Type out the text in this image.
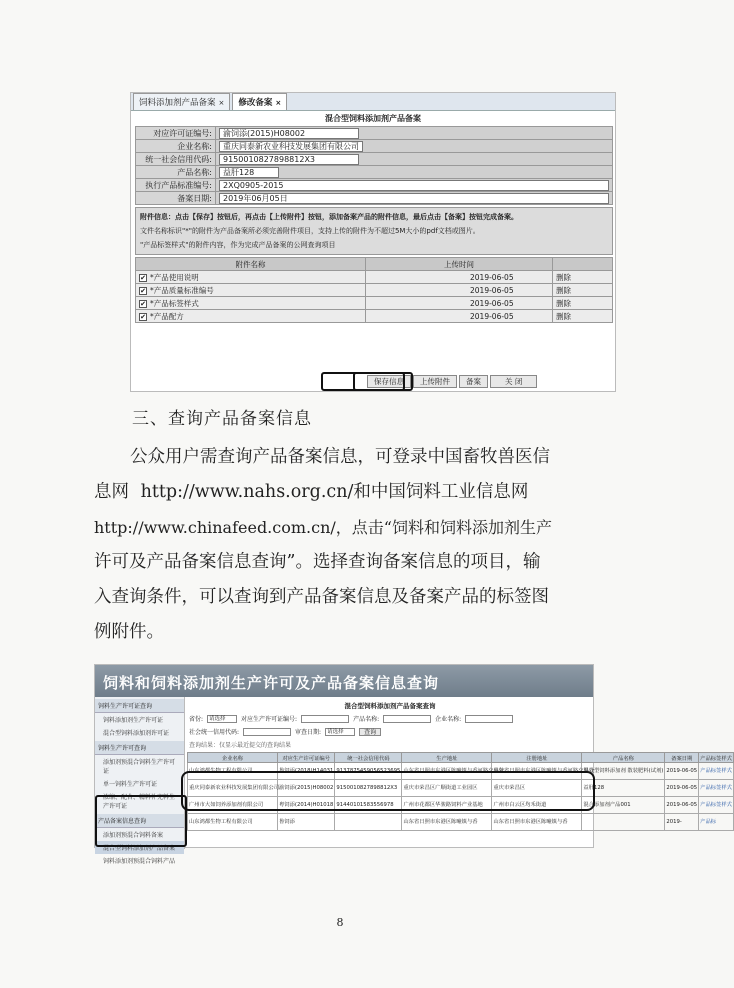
饲料添加剂产品备案 ×	修改备案 ×
混合型饲料添加剂产品备案
对应许可证编号:	渝饲添(2015)H08002
企业名称:	重庆同泰新农业科技发展集团有限公司
统一社会信用代码:	9150010827898812X3
产品名称:	益肝128
执行产品标准编号:	2XQ0905-2015
备案日期:	2019年06月05日
附件信息：点击【保存】按钮后，再点击【上传附件】按钮，添加备案产品的附件信息，最后点击【备案】按钮完成备案。
文件名称标识"*"的附件为产品备案所必须完善附件项目，支持上传的附件为不超过5M大小的pdf文档或图片。
"产品标签样式"的附件内容，作为完成产品备案的公网查询项目
附件名称	上传时间	
✔ *产品使用说明	2019-06-05	删除
✔ *产品质量标准编号	2019-06-05	删除
✔ *产品标签样式	2019-06-05	删除
✔ *产品配方	2019-06-05	删除
保存信息	上传附件	备案	关 闭
三、查询产品备案信息
公众用户需查询产品备案信息，可登录中国畜牧兽医信
息网 http://www.nahs.org.cn/和中国饲料工业信息网
http://www.chinafeed.com.cn/，点击“饲料和饲料添加剂生产
许可及产品备案信息查询”。选择查询备案信息的项目，输
入查询条件，可以查询到产品备案信息及备案产品的标签图
例附件。
饲料和饲料添加剂生产许可及产品备案信息查询
饲料生产许可证查询
饲料添加剂生产许可证
混合型饲料添加剂许可证
饲料生产许可查询
添加剂预混合饲料生产许可证
单一饲料生产许可证
浓缩、配合、精料补充料生产许可证
产品备案信息查询
添加剂预混合饲料备案
混合型饲料添加剂产品备案
饲料添加剂预混合饲料产品
混合型饲料添加剂产品备案查询
省份:	请选择	对应生产许可证编号:	产品名称:	企业名称:
社会统一信用代码:	审查日期:	请选择	查询
查询结果：仅显示最近提交的查询结果
企业名称	对应生产许可证编号	统一社会信用代码	生产地址	注册地址	产品名称	备案日期	产品标签样式
山东鸿都生物工程有限公司	鲁饲添(2018)H14031	9137875459056523695	山东省日照市东港区陈疃镇与香河路交界处	山东省日照市东港区陈疃镇与香河路交界处	混合型饲料添加剂 散装肥料(试剂)	2019-06-05	产品标签样式
重庆同泰新农业科技发展集团有限公司	渝饲添(2015)H08002	9150010827898812X3	重庆市荣昌区广顺街道工业园区	重庆市荣昌区	益肝128	2019-06-05	产品标签样式
广州市大如饲养添加剂有限公司	粤饲添(2014)H01018	91440101583556978	广州市花都区华骏路饲料产业基地	广州市白云区均禾街道	混合添加剂产品001	2019-06-05	产品标签样式
山东鸿都生物工程有限公司	鲁饲添		山东省日照市东港区陈疃镇与香	山东省日照市东港区陈疃镇与香		2019-	产品标
8
